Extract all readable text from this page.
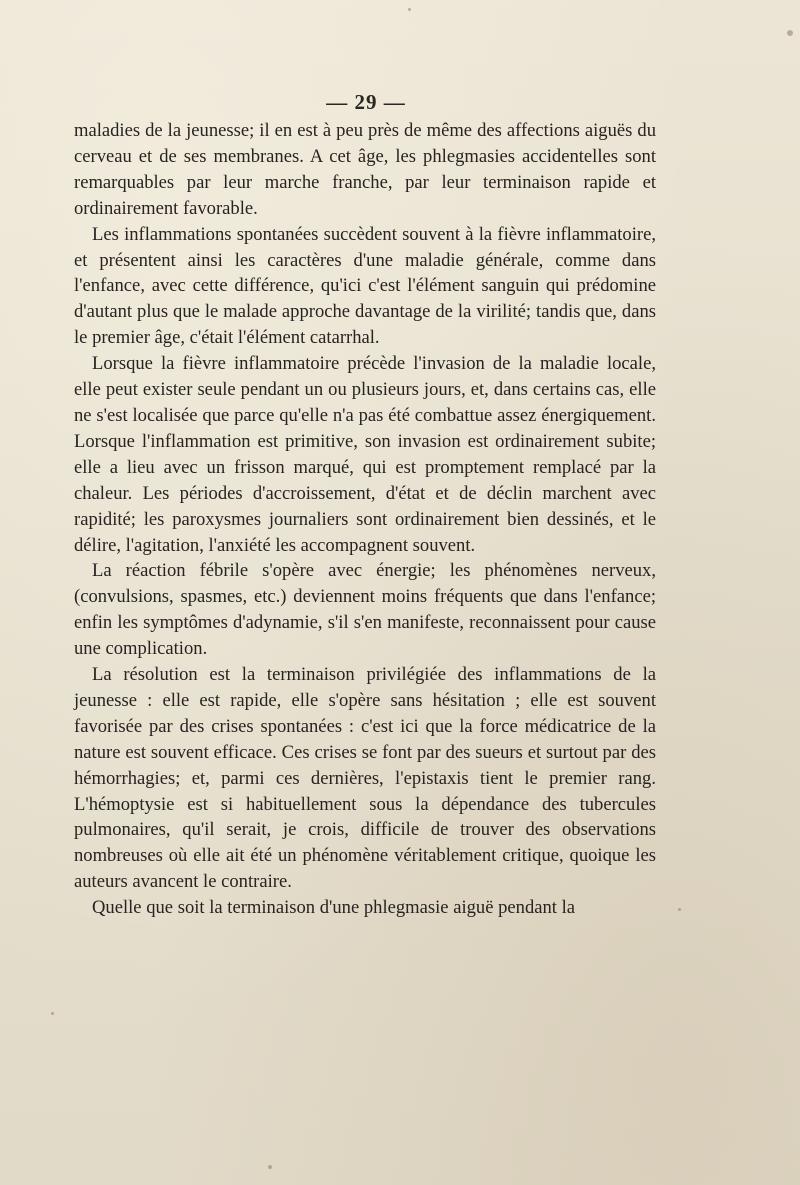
— 29 —

maladies de la jeunesse; il en est à peu près de même des affections aiguës du cerveau et de ses membranes. A cet âge, les phlegmasies accidentelles sont remarquables par leur marche franche, par leur terminaison rapide et ordinairement favorable.

Les inflammations spontanées succèdent souvent à la fièvre inflammatoire, et présentent ainsi les caractères d'une maladie générale, comme dans l'enfance, avec cette différence, qu'ici c'est l'élément sanguin qui prédomine d'autant plus que le malade approche davantage de la virilité; tandis que, dans le premier âge, c'était l'élément catarrhal.

Lorsque la fièvre inflammatoire précède l'invasion de la maladie locale, elle peut exister seule pendant un ou plusieurs jours, et, dans certains cas, elle ne s'est localisée que parce qu'elle n'a pas été combattue assez énergiquement. Lorsque l'inflammation est primitive, son invasion est ordinairement subite; elle a lieu avec un frisson marqué, qui est promptement remplacé par la chaleur. Les périodes d'accroissement, d'état et de déclin marchent avec rapidité; les paroxysmes journaliers sont ordinairement bien dessinés, et le délire, l'agitation, l'anxiété les accompagnent souvent.

La réaction fébrile s'opère avec énergie; les phénomènes nerveux, (convulsions, spasmes, etc.) deviennent moins fréquents que dans l'enfance; enfin les symptômes d'adynamie, s'il s'en manifeste, reconnaissent pour cause une complication.

La résolution est la terminaison privilégiée des inflammations de la jeunesse : elle est rapide, elle s'opère sans hésitation ; elle est souvent favorisée par des crises spontanées : c'est ici que la force médicatrice de la nature est souvent efficace. Ces crises se font par des sueurs et surtout par des hémorrhagies; et, parmi ces dernières, l'epistaxis tient le premier rang. L'hémoptysie est si habituellement sous la dépendance des tubercules pulmonaires, qu'il serait, je crois, difficile de trouver des observations nombreuses où elle ait été un phénomène véritablement critique, quoique les auteurs avancent le contraire.

Quelle que soit la terminaison d'une phlegmasie aiguë pendant la
